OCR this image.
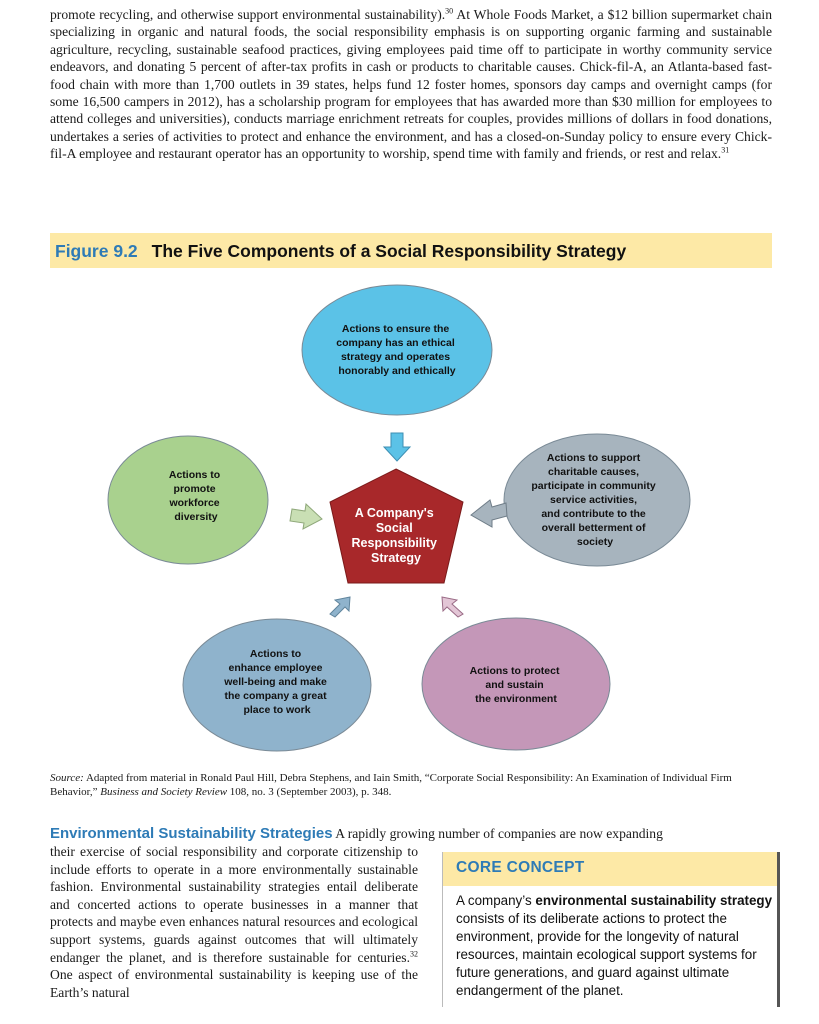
promote recycling, and otherwise support environmental sustainability).$^{30}$ At Whole Foods Market, a $12 billion supermarket chain specializing in organic and natural foods, the social responsibility emphasis is on supporting organic farming and sustainable agriculture, recycling, sustainable seafood practices, giving employees paid time off to participate in worthy community service endeavors, and donating 5 percent of after-tax profits in cash or products to charitable causes. Chick-fil-A, an Atlanta-based fast-food chain with more than 1,700 outlets in 39 states, helps fund 12 foster homes, sponsors day camps and overnight camps (for some 16,500 campers in 2012), has a scholarship program for employees that has awarded more than $30 million for employees to attend colleges and universities), conducts marriage enrichment retreats for couples, provides millions of dollars in food donations, undertakes a series of activities to protect and enhance the environment, and has a closed-on-Sunday policy to ensure every Chick-fil-A employee and restaurant operator has an opportunity to worship, spend time with family and friends, or rest and relax.$^{31}$

Figure 9.2 The Five Components of a Social Responsibility Strategy
Actions to ensure the company has an ethical strategy and operates honorably and ethically
Actions to promote workforce diversity
Actions to support charitable causes, participate in community service activities, and contribute to the overall betterment of society
Actions to enhance employee well-being and make the company a great place to work
Actions to protect and sustain the environment
A Company's Social Responsibility Strategy

Source: Adapted from material in Ronald Paul Hill, Debra Stephens, and Iain Smith, “Corporate Social Responsibility: An Examination of Individual Firm Behavior,” Business and Society Review 108, no. 3 (September 2003), p. 348.

Environmental Sustainability Strategies A rapidly growing number of companies are now expanding

their exercise of social responsibility and corporate citizenship to include efforts to operate in a more environmentally sustainable fashion. Environmental sustainability strategies entail deliberate and concerted actions to operate businesses in a manner that protects and maybe even enhances natural resources and ecological support systems, guards against outcomes that will ultimately endanger the planet, and is therefore sustainable for centuries.$^{32}$ One aspect of environmental sustainability is keeping use of the Earth’s natural

CORE CONCEPT

A company’s environmental sustainability strategy consists of its deliberate actions to protect the environment, provide for the longevity of natural resources, maintain ecological support systems for future generations, and guard against ultimate endangerment of the planet.
